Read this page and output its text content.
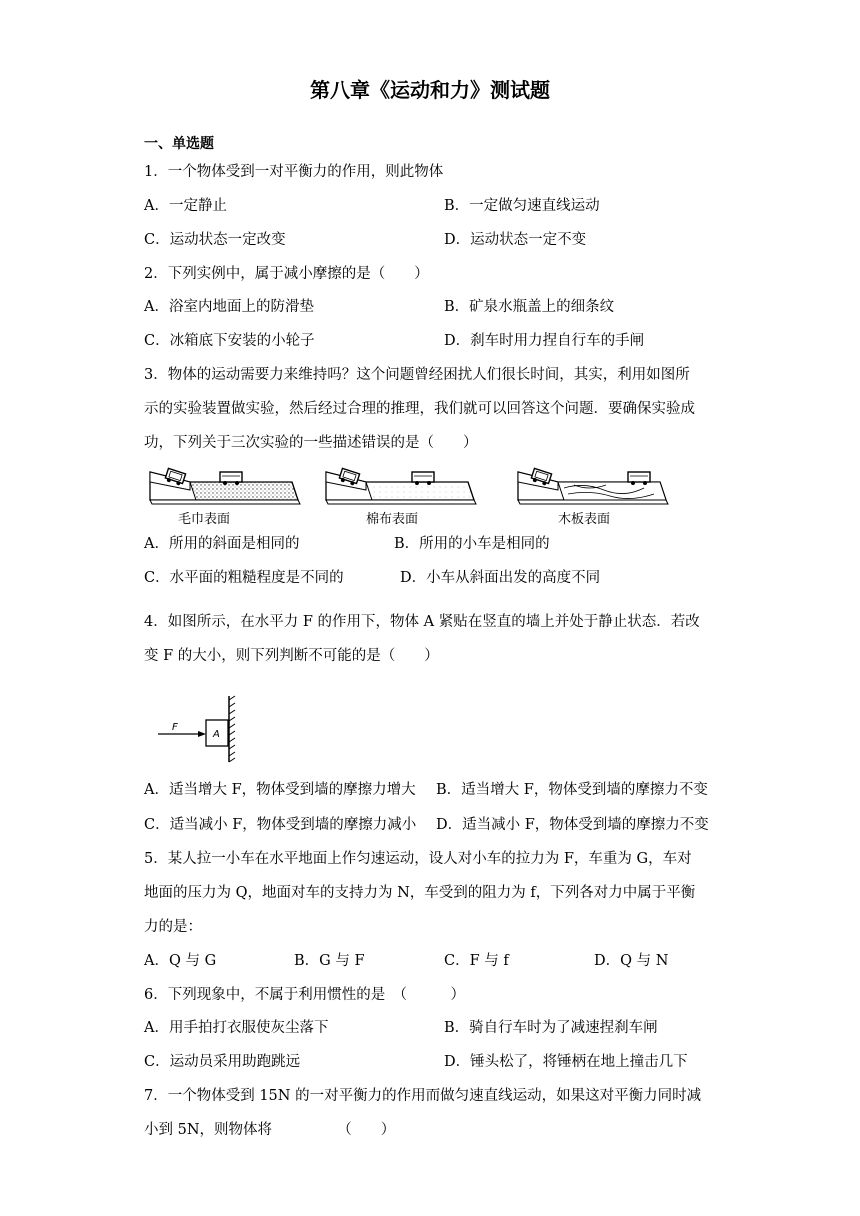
第八章《运动和力》测试题
一、单选题
1．一个物体受到一对平衡力的作用，则此物体
A．一定静止	B．一定做匀速直线运动
C．运动状态一定改变	D．运动状态一定不变
2．下列实例中，属于减小摩擦的是（　　）
A．浴室内地面上的防滑垫	B．矿泉水瓶盖上的细条纹
C．冰箱底下安装的小轮子	D．刹车时用力捏自行车的手闸
3．物体的运动需要力来维持吗？这个问题曾经困扰人们很长时间，其实，利用如图所
示的实验装置做实验，然后经过合理的推理，我们就可以回答这个问题．要确保实验成
功，下列关于三次实验的一些描述错误的是（　　）
毛巾表面	棉布表面	木板表面
A．所用的斜面是相同的	B．所用的小车是相同的
C．水平面的粗糙程度是不同的	D．小车从斜面出发的高度不同
4．如图所示，在水平力 F 的作用下，物体 A 紧贴在竖直的墙上并处于静止状态．若改
变 F 的大小，则下列判断不可能的是（　　）
F
A
A．适当增大 F，物体受到墙的摩擦力增大 B．适当增大 F，物体受到墙的摩擦力不变
C．适当减小 F，物体受到墙的摩擦力减小 D．适当减小 F，物体受到墙的摩擦力不变
5．某人拉一小车在水平地面上作匀速运动，设人对小车的拉力为 F，车重为 G，车对
地面的压力为 Q，地面对车的支持力为 N，车受到的阻力为 f，下列各对力中属于平衡
力的是：
A．Q 与 G	B．G 与 F	C．F 与 f	D．Q 与 N
6．下列现象中，不属于利用惯性的是　（　　　）
A．用手拍打衣服使灰尘落下	B．骑自行车时为了减速捏刹车闸
C．运动员采用助跑跳远	D．锤头松了，将锤柄在地上撞击几下
7．一个物体受到 15N 的一对平衡力的作用而做匀速直线运动，如果这对平衡力同时减
小到 5N，则物体将　　　　　（　　）
